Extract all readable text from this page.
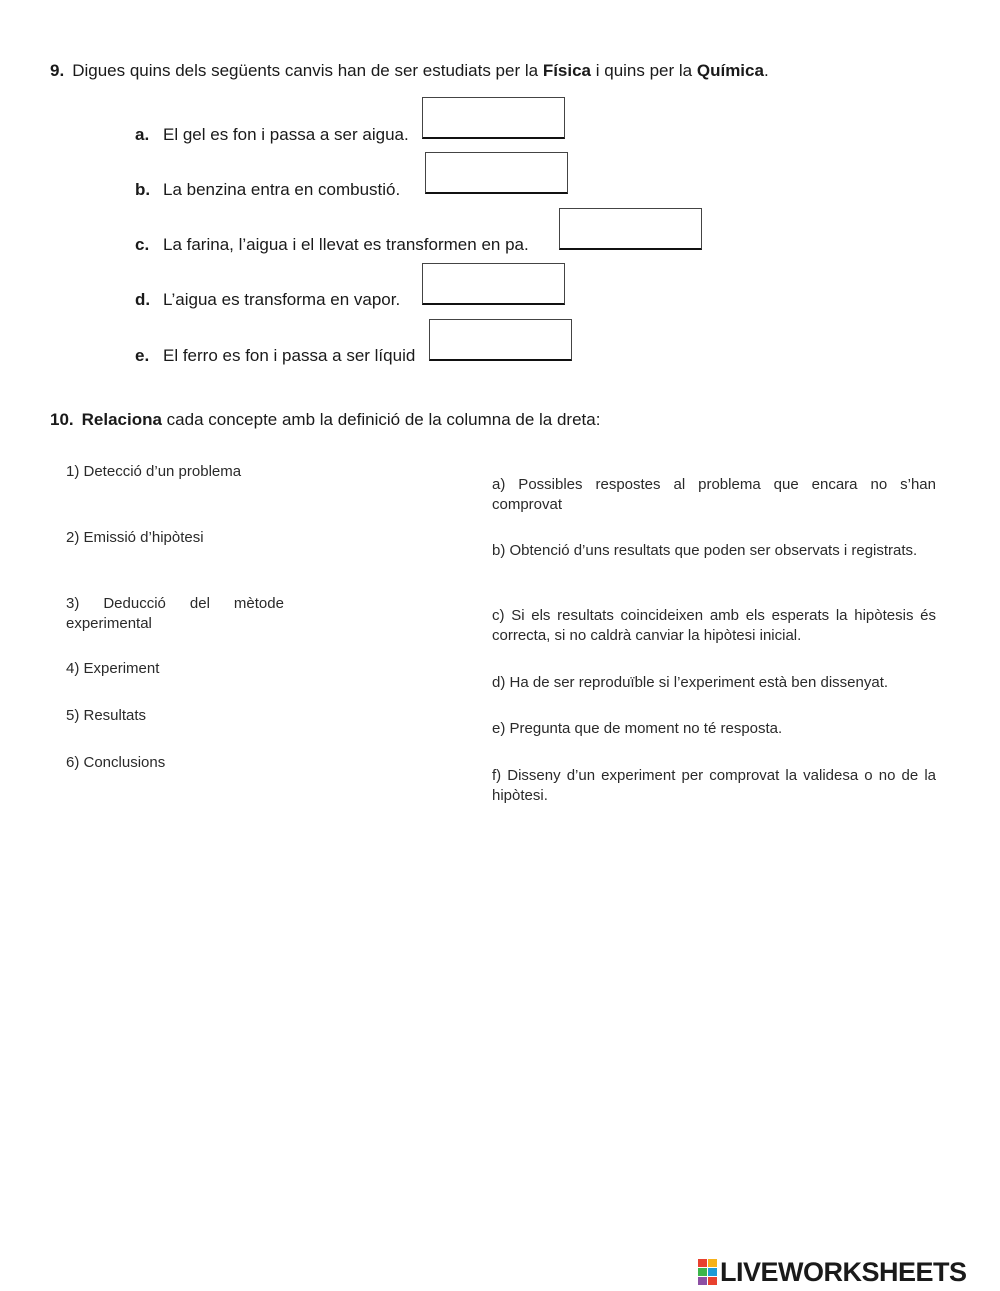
9. Digues quins dels següents canvis han de ser estudiats per la Física i quins per la Química.
a. El gel es fon i passa a ser aigua.
b. La benzina entra en combustió.
c. La farina, l’aigua i el llevat es transformen en pa.
d. L’aigua es transforma en vapor.
e. El ferro es fon i passa a ser líquid
10. Relaciona cada concepte amb la definició de la columna de la dreta:
1) Detecció d’un problema
2) Emissió d’hipòtesi
3) Deducció del mètode
experimental
4) Experiment
5) Resultats
6) Conclusions
a) Possibles respostes al problema que encara no s’han comprovat
b) Obtenció d’uns resultats que poden ser observats i registrats.
c) Si els resultats coincideixen amb els esperats la hipòtesis és correcta, si no caldrà canviar la hipòtesi inicial.
d) Ha de ser reproduïble si l’experiment està ben dissenyat.
e) Pregunta que de moment no té resposta.
f) Disseny d’un experiment per comprovat la validesa o no de la hipòtesi.
LIVEWORKSHEETS
